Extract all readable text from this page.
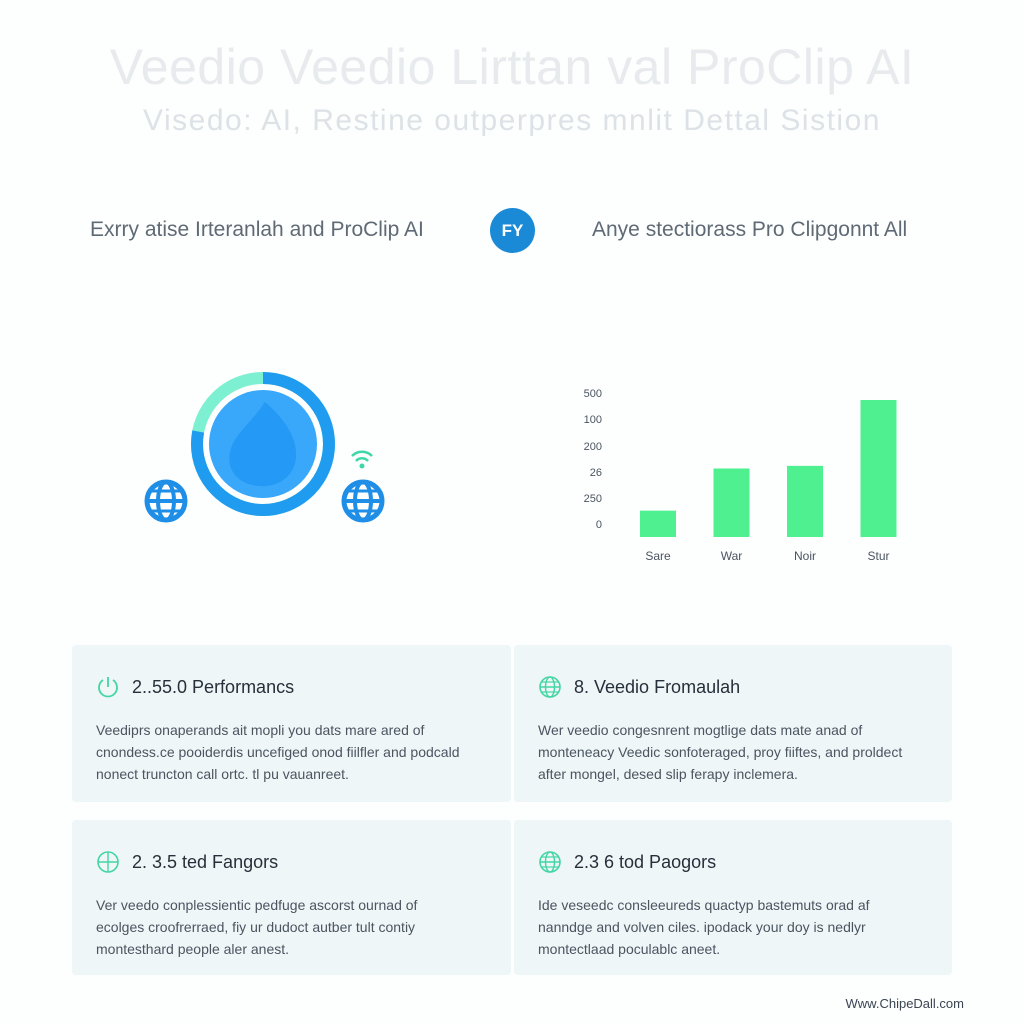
Veedio Veedio Lirttan val ProClip AI
Visedo: AI, Restine outperpres mnlit Dettal Sistion
Exrry atise Irteranlah and ProClip AI	FY	Anye stectiorass Pro Clipgonnt All
500
100
200
26
250
0
Sare	War	Noir	Stur
2..55.0 Performancs
Veediprs onaperands ait mopli you dats mare ared of cnondess.ce pooiderdis uncefiged onod fiilfler and podcald nonect truncton call ortc. tl pu vauanreet.
8. Veedio Fromaulah
Wer veedio congesnrent mogtlige dats mate anad of monteneacy Veedic sonfoteraged, proy fiiftes, and proldect after mongel, desed slip ferapy inclemera.
2. 3.5 ted Fangors
Ver veedo conplessientic pedfuge ascorst ournad of ecolges croofrerraed, fiy ur dudoct autber tult contiy montesthard people aler anest.
2.3 6 tod Paogors
Ide veseedc consleeureds quactyp bastemuts orad af nanndge and volven ciles. ipodack your doy is nedlyr montectlaad poculablc aneet.
Www.ChipeDall.com
